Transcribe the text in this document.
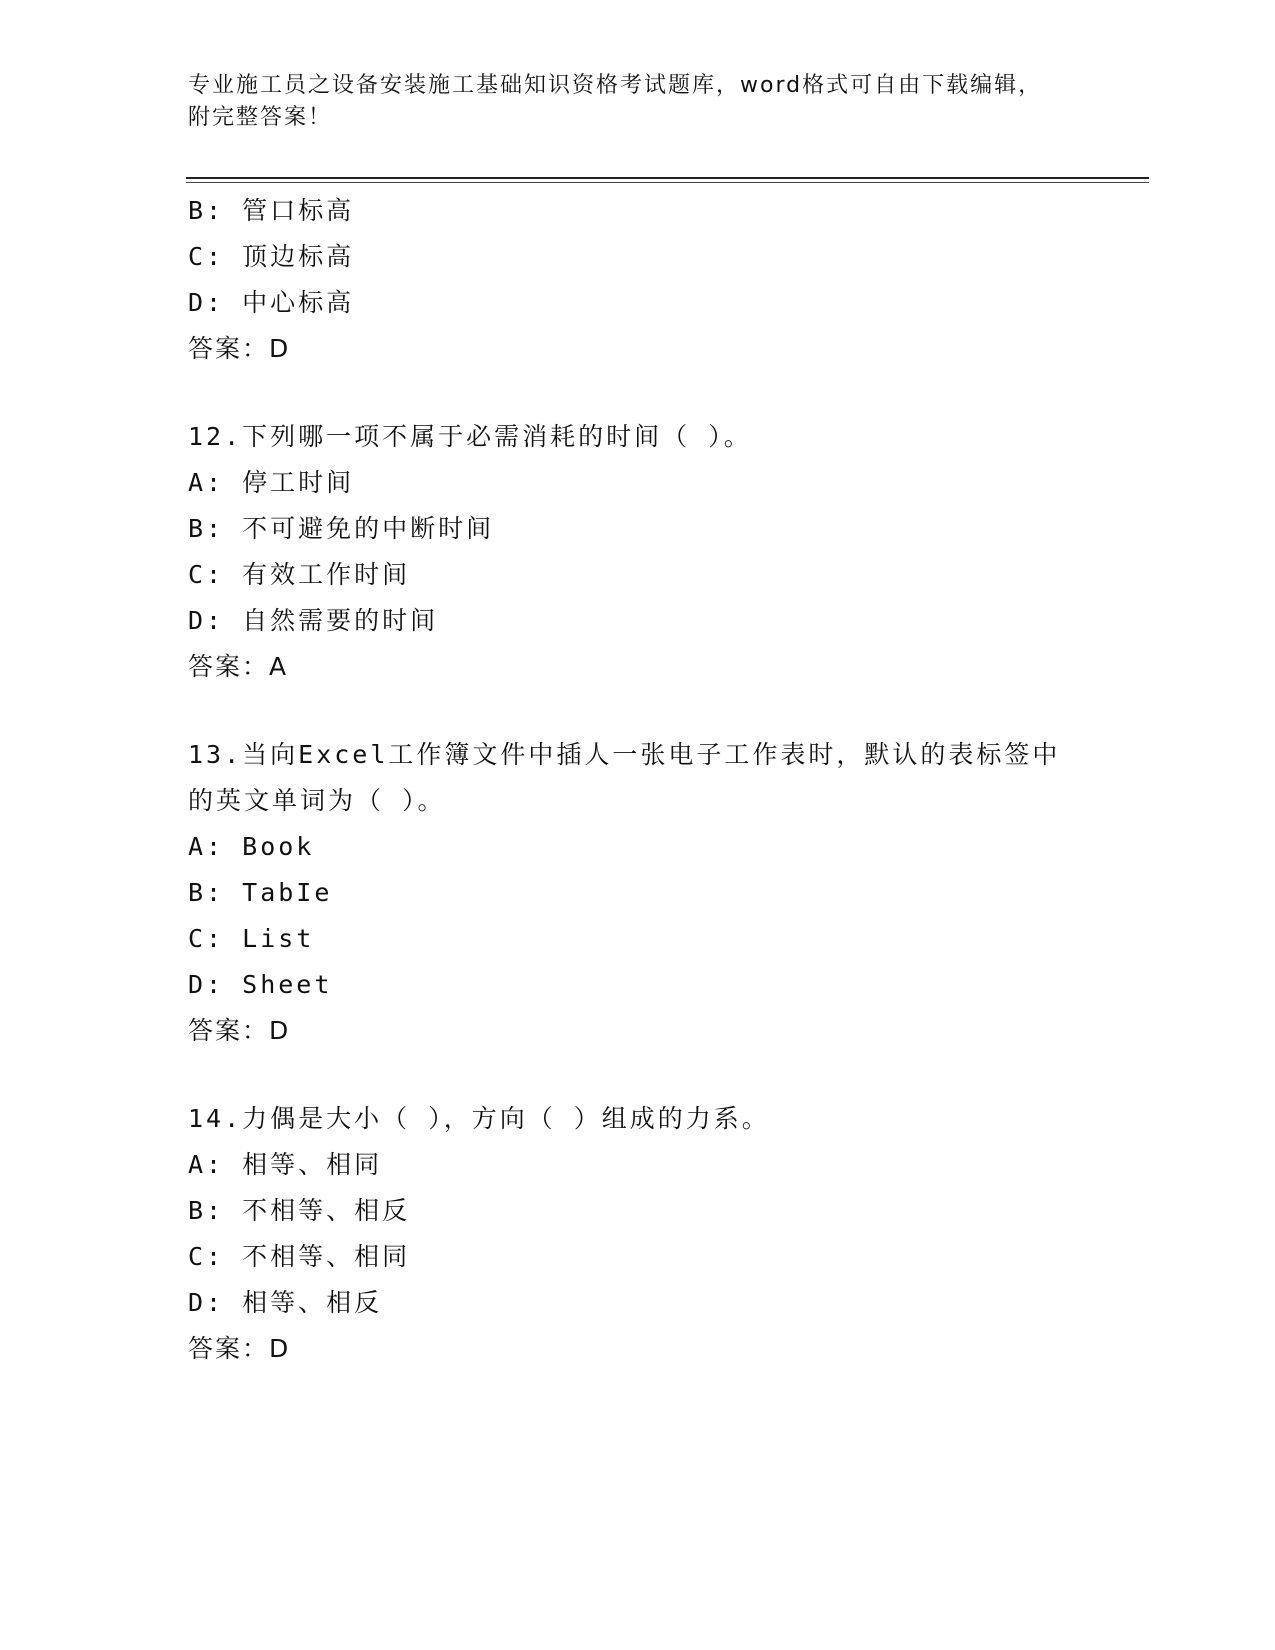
专业施工员之设备安装施工基础知识资格考试题库，word格式可自由下载编辑，
附完整答案！
B: 管口标高
C: 顶边标高
D: 中心标高
答案：D
12.下列哪一项不属于必需消耗的时间（ ）。
A: 停工时间
B: 不可避免的中断时间
C: 有效工作时间
D: 自然需要的时间
答案：A
13.当向Excel工作簿文件中插人一张电子工作表时，默认的表标签中
的英文单词为（ ）。
A: Book
B: TabIe
C: List
D: Sheet
答案：D
14.力偶是大小（ ），方向（ ）组成的力系。
A: 相等、相同
B: 不相等、相反
C: 不相等、相同
D: 相等、相反
答案：D
